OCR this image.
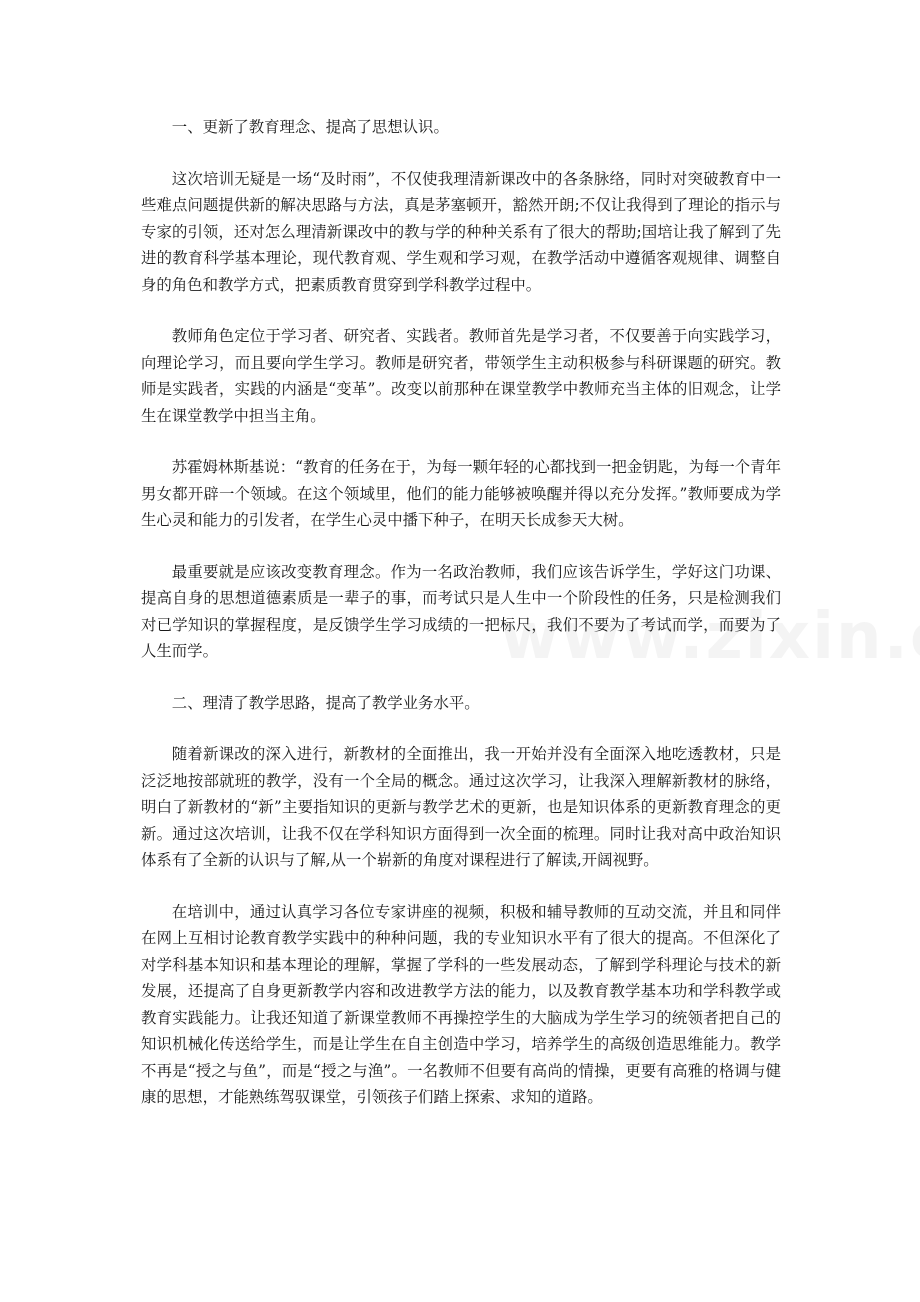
一、更新了教育理念、提高了思想认识。

这次培训无疑是一场“及时雨”，不仅使我理清新课改中的各条脉络，同时对突破教育中一些难点问题提供新的解决思路与方法，真是茅塞顿开，豁然开朗;不仅让我得到了理论的指示与专家的引领，还对怎么理清新课改中的教与学的种种关系有了很大的帮助;国培让我了解到了先进的教育科学基本理论，现代教育观、学生观和学习观，在教学活动中遵循客观规律、调整自身的角色和教学方式，把素质教育贯穿到学科教学过程中。

教师角色定位于学习者、研究者、实践者。教师首先是学习者，不仅要善于向实践学习，向理论学习，而且要向学生学习。教师是研究者，带领学生主动积极参与科研课题的研究。教师是实践者，实践的内涵是“变革”。改变以前那种在课堂教学中教师充当主体的旧观念，让学生在课堂教学中担当主角。

苏霍姆林斯基说：“教育的任务在于，为每一颗年轻的心都找到一把金钥匙，为每一个青年男女都开辟一个领域。在这个领域里，他们的能力能够被唤醒并得以充分发挥。”教师要成为学生心灵和能力的引发者，在学生心灵中播下种子，在明天长成参天大树。

最重要就是应该改变教育理念。作为一名政治教师，我们应该告诉学生，学好这门功课、提高自身的思想道德素质是一辈子的事，而考试只是人生中一个阶段性的任务，只是检测我们对已学知识的掌握程度，是反馈学生学习成绩的一把标尺，我们不要为了考试而学，而要为了人生而学。

二、理清了教学思路，提高了教学业务水平。

随着新课改的深入进行，新教材的全面推出，我一开始并没有全面深入地吃透教材，只是泛泛地按部就班的教学，没有一个全局的概念。通过这次学习，让我深入理解新教材的脉络，明白了新教材的“新”主要指知识的更新与教学艺术的更新，也是知识体系的更新教育理念的更新。通过这次培训，让我不仅在学科知识方面得到一次全面的梳理。同时让我对高中政治知识体系有了全新的认识与了解,从一个崭新的角度对课程进行了解读,开阔视野。

在培训中，通过认真学习各位专家讲座的视频，积极和辅导教师的互动交流，并且和同伴在网上互相讨论教育教学实践中的种种问题，我的专业知识水平有了很大的提高。不但深化了对学科基本知识和基本理论的理解，掌握了学科的一些发展动态，了解到学科理论与技术的新发展，还提高了自身更新教学内容和改进教学方法的能力，以及教育教学基本功和学科教学或教育实践能力。让我还知道了新课堂教师不再操控学生的大脑成为学生学习的统领者把自己的知识机械化传送给学生，而是让学生在自主创造中学习，培养学生的高级创造思维能力。教学不再是“授之与鱼”，而是“授之与渔”。一名教师不但要有高尚的情操，更要有高雅的格调与健康的思想，才能熟练驾驭课堂，引领孩子们踏上探索、求知的道路。
